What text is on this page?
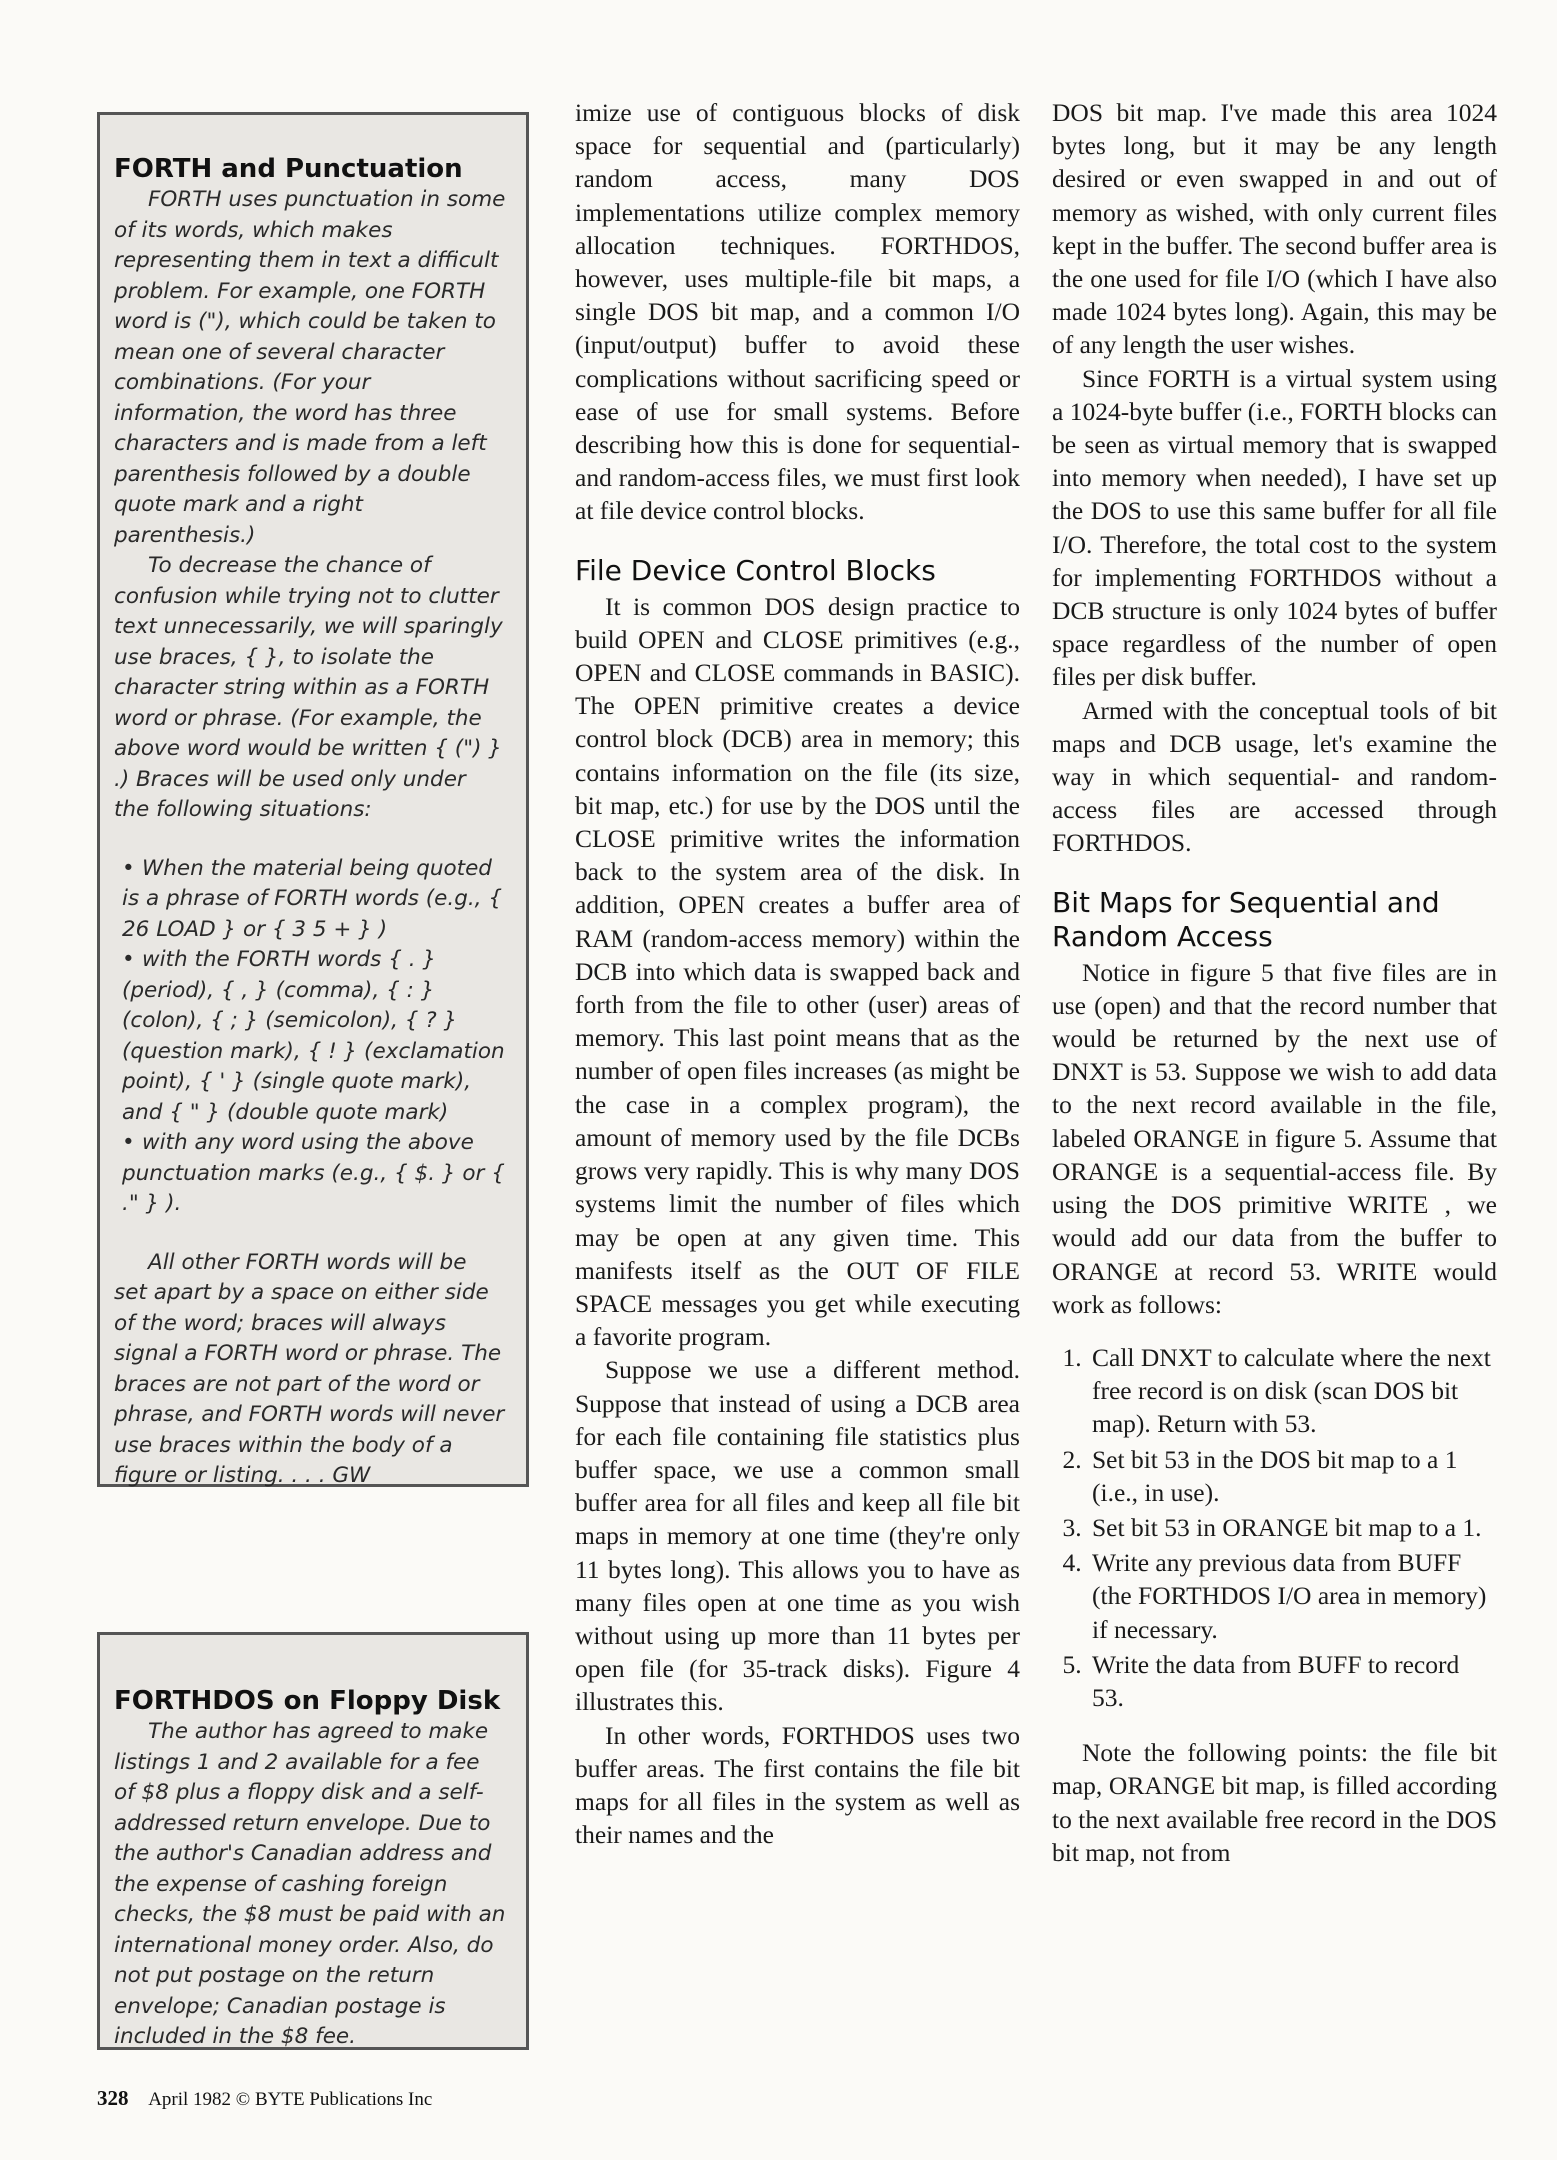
FORTH and Punctuation

FORTH uses punctuation in some of its words, which makes representing them in text a difficult problem. For example, one FORTH word is ("), which could be taken to mean one of several character combinations. (For your information, the word has three characters and is made from a left parenthesis followed by a double quote mark and a right parenthesis.)

To decrease the chance of confusion while trying not to clutter text unnecessarily, we will sparingly use braces, { }, to isolate the character string within as a FORTH word or phrase. (For example, the above word would be written { (") } .) Braces will be used only under the following situations:

• When the material being quoted is a phrase of FORTH words (e.g., { 26 LOAD } or { 3 5 + } )

• with the FORTH words { . } (period), { , } (comma), { : } (colon), { ; } (semicolon), { ? } (question mark), { ! } (exclamation point), { ' } (single quote mark), and { " } (double quote mark)

• with any word using the above punctuation marks (e.g., { $. } or { ." } ).

All other FORTH words will be set apart by a space on either side of the word; braces will always signal a FORTH word or phrase. The braces are not part of the word or phrase, and FORTH words will never use braces within the body of a figure or listing. . . . GW

FORTHDOS on Floppy Disk

The author has agreed to make listings 1 and 2 available for a fee of $8 plus a floppy disk and a self-addressed return envelope. Due to the author's Canadian address and the expense of cashing foreign checks, the $8 must be paid with an international money order. Also, do not put postage on the return envelope; Canadian postage is included in the $8 fee.

imize use of contiguous blocks of disk space for sequential and (particularly) random access, many DOS implementations utilize complex memory allocation techniques. FORTHDOS, however, uses multiple-file bit maps, a single DOS bit map, and a common I/O (input/output) buffer to avoid these complications without sacrificing speed or ease of use for small systems. Before describing how this is done for sequential- and random-access files, we must first look at file device control blocks.

File Device Control Blocks

It is common DOS design practice to build OPEN and CLOSE primitives (e.g., OPEN and CLOSE commands in BASIC). The OPEN primitive creates a device control block (DCB) area in memory; this contains information on the file (its size, bit map, etc.) for use by the DOS until the CLOSE primitive writes the information back to the system area of the disk. In addition, OPEN creates a buffer area of RAM (random-access memory) within the DCB into which data is swapped back and forth from the file to other (user) areas of memory. This last point means that as the number of open files increases (as might be the case in a complex program), the amount of memory used by the file DCBs grows very rapidly. This is why many DOS systems limit the number of files which may be open at any given time. This manifests itself as the OUT OF FILE SPACE messages you get while executing a favorite program.

Suppose we use a different method. Suppose that instead of using a DCB area for each file containing file statistics plus buffer space, we use a common small buffer area for all files and keep all file bit maps in memory at one time (they're only 11 bytes long). This allows you to have as many files open at one time as you wish without using up more than 11 bytes per open file (for 35-track disks). Figure 4 illustrates this.

In other words, FORTHDOS uses two buffer areas. The first contains the file bit maps for all files in the system as well as their names and the

DOS bit map. I've made this area 1024 bytes long, but it may be any length desired or even swapped in and out of memory as wished, with only current files kept in the buffer. The second buffer area is the one used for file I/O (which I have also made 1024 bytes long). Again, this may be of any length the user wishes.

Since FORTH is a virtual system using a 1024-byte buffer (i.e., FORTH blocks can be seen as virtual memory that is swapped into memory when needed), I have set up the DOS to use this same buffer for all file I/O. Therefore, the total cost to the system for implementing FORTHDOS without a DCB structure is only 1024 bytes of buffer space regardless of the number of open files per disk buffer.

Armed with the conceptual tools of bit maps and DCB usage, let's examine the way in which sequential- and random-access files are accessed through FORTHDOS.

Bit Maps for Sequential and Random Access

Notice in figure 5 that five files are in use (open) and that the record number that would be returned by the next use of DNXT is 53. Suppose we wish to add data to the next record available in the file, labeled ORANGE in figure 5. Assume that ORANGE is a sequential-access file. By using the DOS primitive WRITE , we would add our data from the buffer to ORANGE at record 53. WRITE would work as follows:

1. Call DNXT to calculate where the next free record is on disk (scan DOS bit map). Return with 53.
2. Set bit 53 in the DOS bit map to a 1 (i.e., in use).
3. Set bit 53 in ORANGE bit map to a 1.
4. Write any previous data from BUFF (the FORTHDOS I/O area in memory) if necessary.
5. Write the data from BUFF to record 53.

Note the following points: the file bit map, ORANGE bit map, is filled according to the next available free record in the DOS bit map, not from

328 April 1982 © BYTE Publications Inc
